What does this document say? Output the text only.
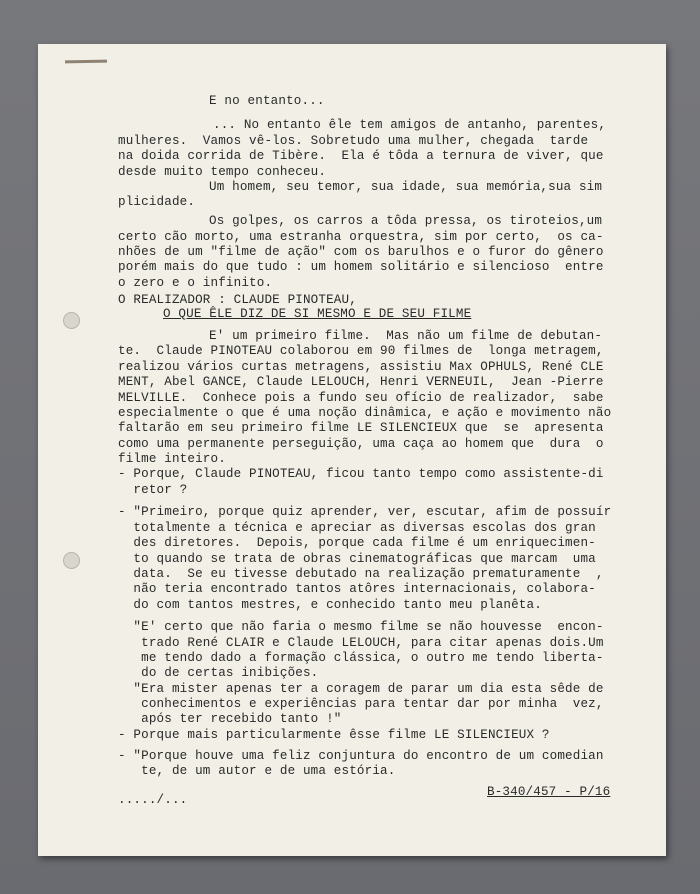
E no entanto...
... No entanto êle tem amigos de antanho, parentes,
mulheres.  Vamos vê-los. Sobretudo uma mulher, chegada  tarde
na doida corrida de Tibère.  Ela é tôda a ternura de viver, que
desde muito tempo conheceu.
Um homem, seu temor, sua idade, sua memória,sua sim
plicidade.
Os golpes, os carros a tôda pressa, os tiroteios,um
certo cão morto, uma estranha orquestra, sim por certo,  os ca-
nhões de um "filme de ação" com os barulhos e o furor do gênero
porém mais do que tudo : um homem solitário e silencioso  entre
o zero e o infinito.
O REALIZADOR : CLAUDE PINOTEAU,
O QUE ÊLE DIZ DE SI MESMO E DE SEU FILME
E' um primeiro filme.  Mas não um filme de debutan-
te.  Claude PINOTEAU colaborou em 90 filmes de  longa metragem,
realizou vários curtas metragens, assistiu Max OPHULS, René CLE
MENT, Abel GANCE, Claude LELOUCH, Henri VERNEUIL,  Jean -Pierre
MELVILLE.  Conhece pois a fundo seu ofício de realizador,  sabe
especialmente o que é uma noção dinâmica, e ação e movimento não
faltarão em seu primeiro filme LE SILENCIEUX que  se  apresenta
como uma permanente perseguição, uma caça ao homem que  dura  o
filme inteiro.
- Porque, Claude PINOTEAU, ficou tanto tempo como assistente-di
retor ?
- "Primeiro, porque quiz aprender, ver, escutar, afim de possuír
totalmente a técnica e apreciar as diversas escolas dos gran
des diretores.  Depois, porque cada filme é um enriquecimen-
to quando se trata de obras cinematográficas que marcam  uma
data.  Se eu tivesse debutado na realização prematuramente  ,
não teria encontrado tantos atôres internacionais, colabora-
do com tantos mestres, e conhecido tanto meu planêta.
"E' certo que não faria o mesmo filme se não houvesse  encon-
trado René CLAIR e Claude LELOUCH, para citar apenas dois.Um
me tendo dado a formação clássica, o outro me tendo liberta-
do de certas inibições.
"Era mister apenas ter a coragem de parar um dia esta sêde de
conhecimentos e experiências para tentar dar por minha  vez,
após ter recebido tanto !"
- Porque mais particularmente êsse filme LE SILENCIEUX ?
- "Porque houve uma feliz conjuntura do encontro de um comedian
te, de um autor e de uma estória.
...../...
B-340/457 - P/16
